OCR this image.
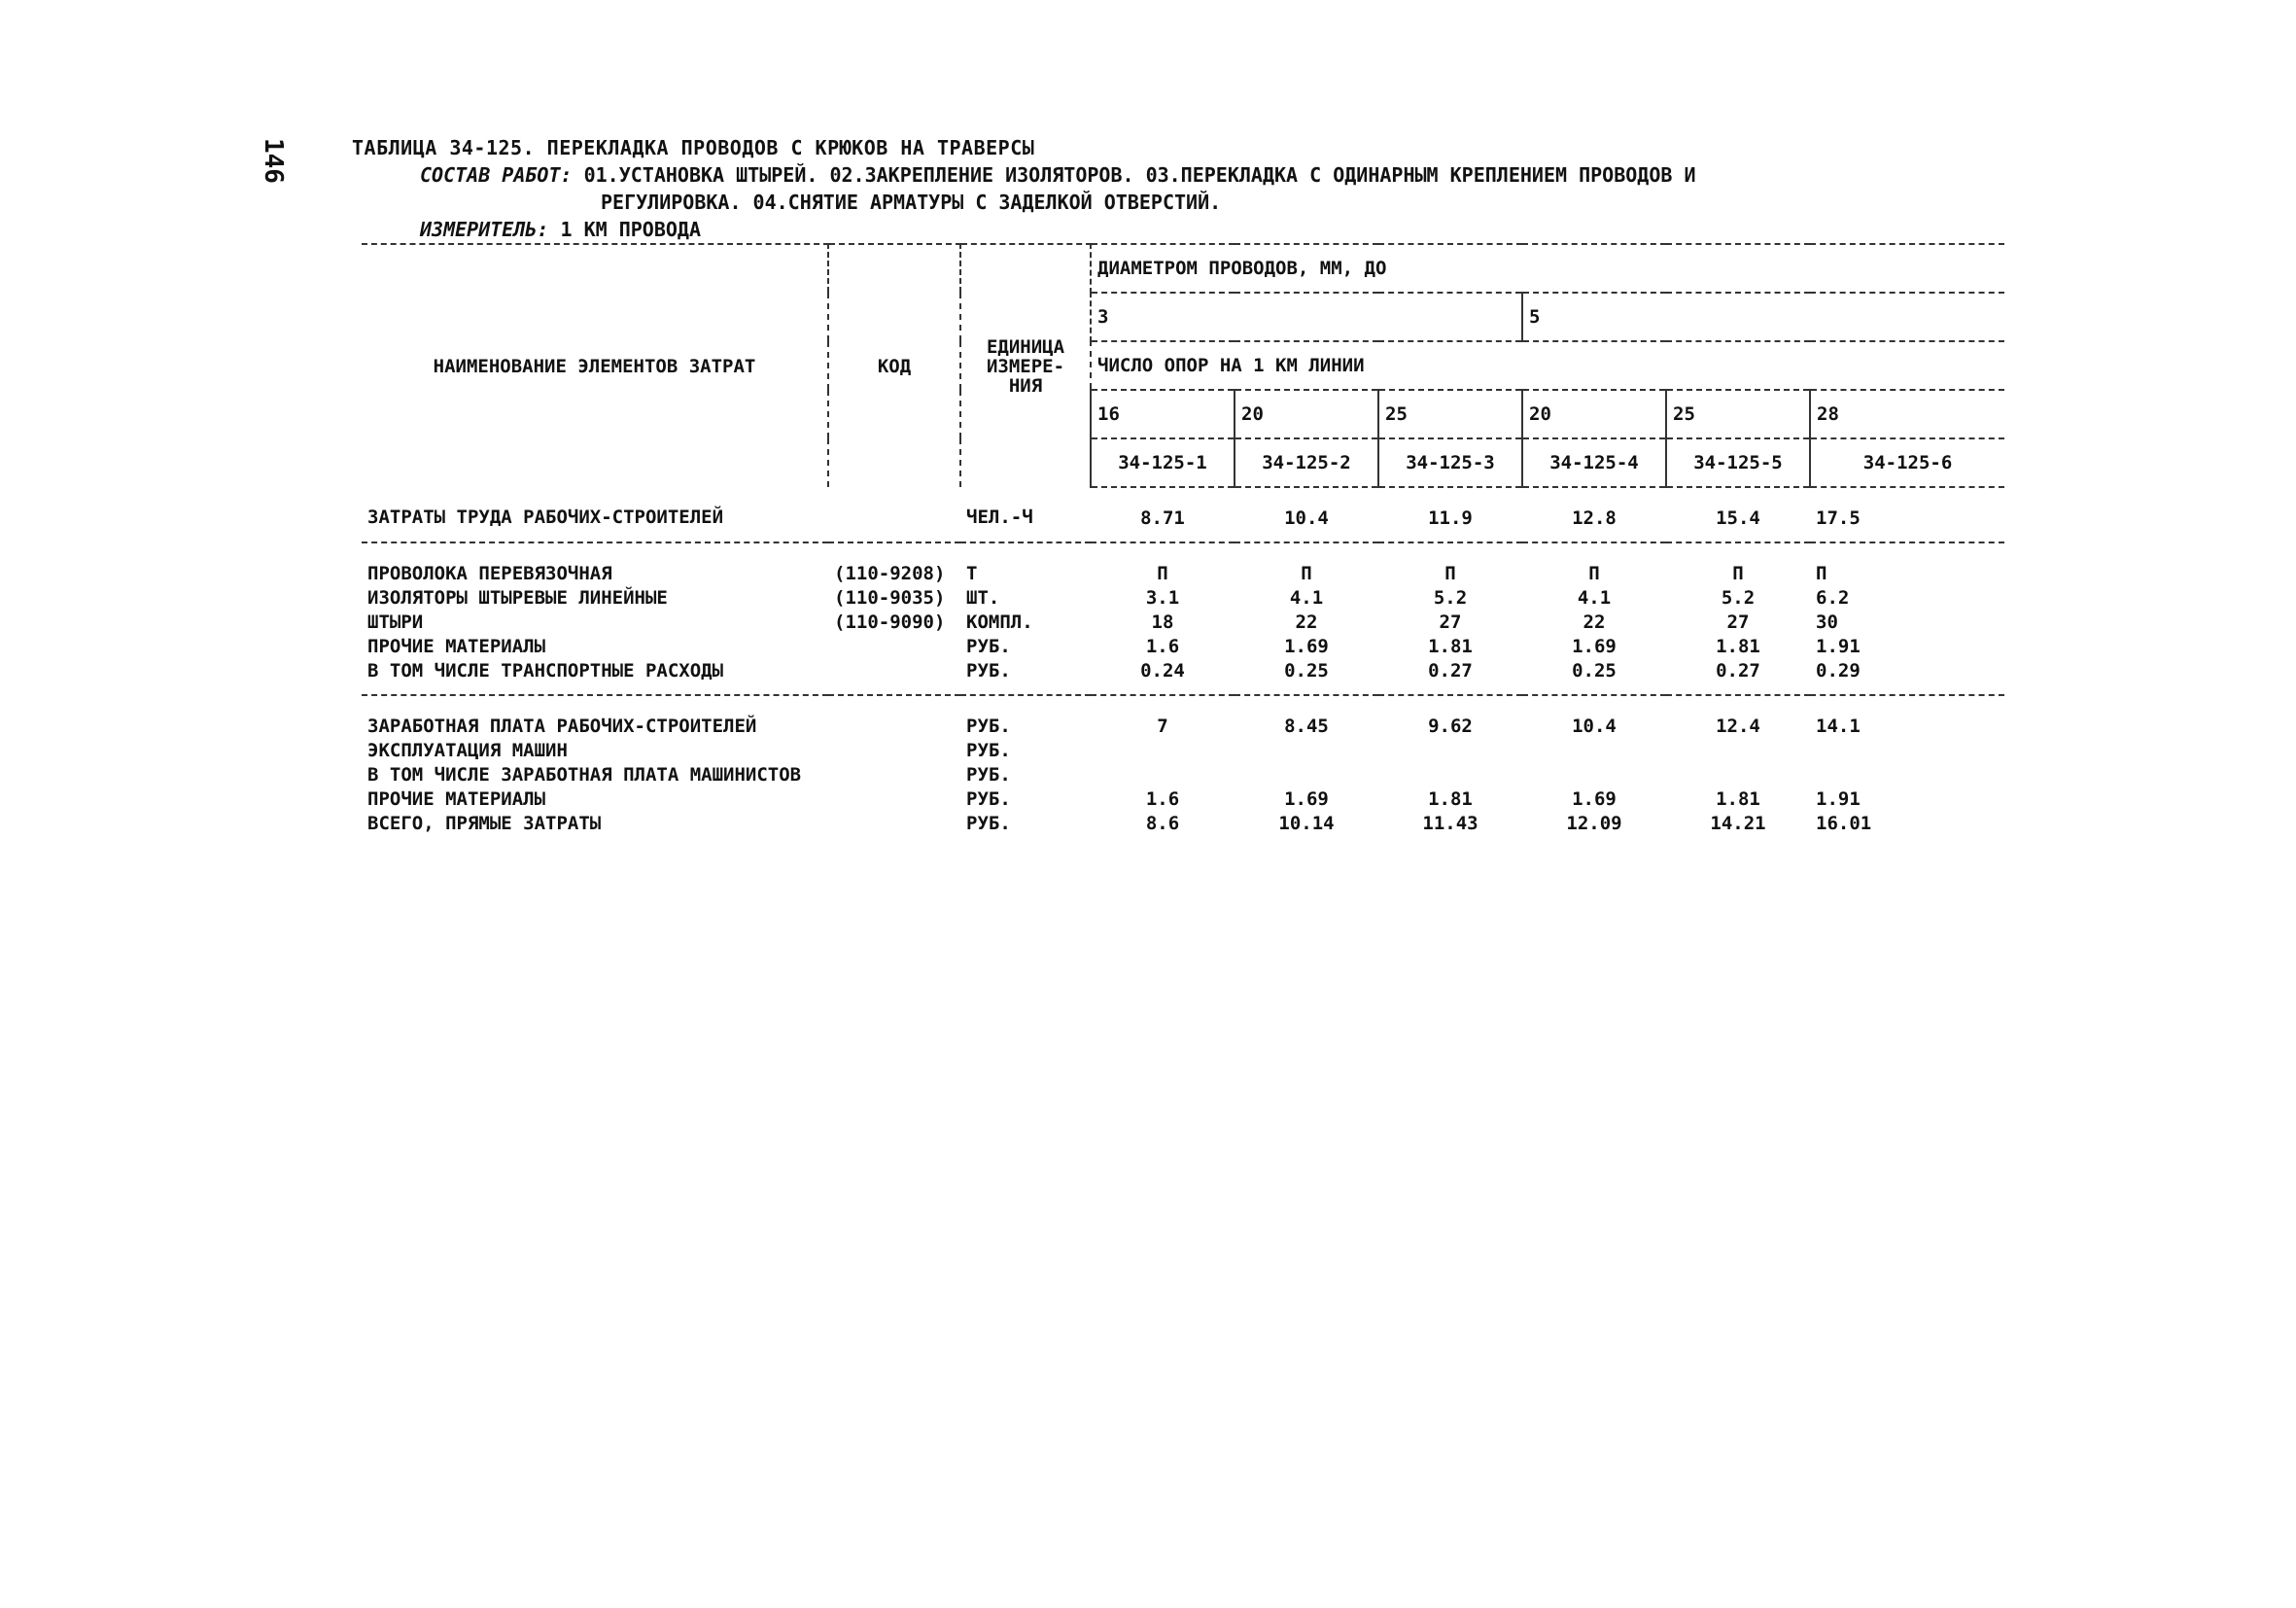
146	ТАБЛИЦА 34-125. ПЕРЕКЛАДКА ПРОВОДОВ С КРЮКОВ НА ТРАВЕРСЫ
СОСТАВ РАБОТ: 01.УСТАНОВКА ШТЫРЕЙ. 02.ЗАКРЕПЛЕНИЕ ИЗОЛЯТОРОВ. 03.ПЕРЕКЛАДКА С ОДИНАРНЫМ КРЕПЛЕНИЕМ ПРОВОДОВ И
РЕГУЛИРОВКА. 04.СНЯТИЕ АРМАТУРЫ С ЗАДЕЛКОЙ ОТВЕРСТИЙ.
ИЗМЕРИТЕЛЬ: 1 КМ ПРОВОДА
НАИМЕНОВАНИЕ ЭЛЕМЕНТОВ ЗАТРАТ	КОД	ЕДИНИЦА
ИЗМЕРЕ-
НИЯ	ДИАМЕТРОМ ПРОВОДОВ, ММ, ДО					
			3			5		
			ЧИСЛО ОПОР НА 1 КМ ЛИНИИ					
			16	20	25	20	25	28
			34-125-1	34-125-2	34-125-3	34-125-4	34-125-5	34-125-6
ЗАТРАТЫ ТРУДА РАБОЧИХ-СТРОИТЕЛЕЙ		ЧЕЛ.-Ч	8.71	10.4	11.9	12.8	15.4	17.5
ПРОВОЛОКА ПЕРЕВЯЗОЧНАЯ	(110-9208)	Т	П	П	П	П	П	П
ИЗОЛЯТОРЫ ШТЫРЕВЫЕ ЛИНЕЙНЫЕ	(110-9035)	ШТ.	3.1	4.1	5.2	4.1	5.2	6.2
ШТЫРИ	(110-9090)	КОМПЛ.	18	22	27	22	27	30
ПРОЧИЕ МАТЕРИАЛЫ		РУБ.	1.6	1.69	1.81	1.69	1.81	1.91
В ТОМ ЧИСЛЕ ТРАНСПОРТНЫЕ РАСХОДЫ		РУБ.	0.24	0.25	0.27	0.25	0.27	0.29
ЗАРАБОТНАЯ ПЛАТА РАБОЧИХ-СТРОИТЕЛЕЙ		РУБ.	7	8.45	9.62	10.4	12.4	14.1
ЭКСПЛУАТАЦИЯ МАШИН		РУБ.						
В ТОМ ЧИСЛЕ ЗАРАБОТНАЯ ПЛАТА МАШИНИСТОВ		РУБ.						
ПРОЧИЕ МАТЕРИАЛЫ		РУБ.	1.6	1.69	1.81	1.69	1.81	1.91
ВСЕГО, ПРЯМЫЕ ЗАТРАТЫ		РУБ.	8.6	10.14	11.43	12.09	14.21	16.01
